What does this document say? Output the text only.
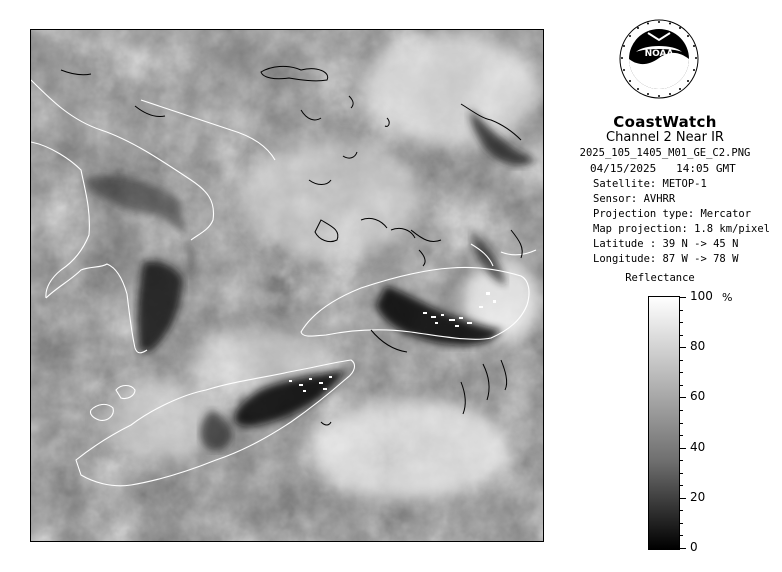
NOAA
CoastWatch
Channel 2 Near IR
2025_105_1405_M01_GE_C2.PNG
04/15/2025 14:05 GMT
Satellite: METOP-1
Sensor: AVHRR
Projection type: Mercator
Map projection: 1.8 km/pixel
Latitude : 39 N -> 45 N
Longitude: 87 W -> 78 W
Reflectance
%
0
20
40
60
80
100
